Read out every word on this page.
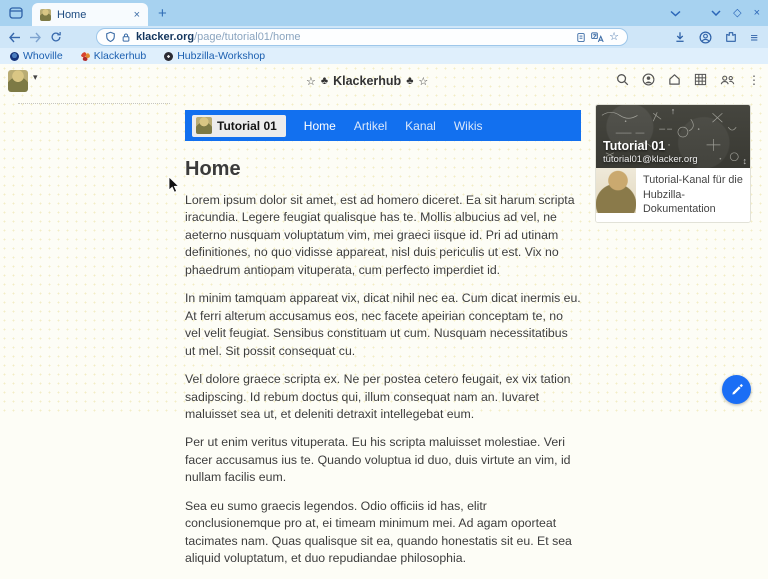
Home	× +	◇ ×
klacker.org/page/tutorial01/home	☆	≡
Whoville	Klackerhub	Hubzilla-Workshop
▾	☆ ♣ Klackerhub ♣ ☆	⋮
Tutorial 01 Home Artikel Kanal Wikis
Home

Lorem ipsum dolor sit amet, est ad homero diceret. Ea sit harum scripta iracundia. Legere feugiat qualisque has te. Mollis albucius ad vel, ne aeterno nusquam voluptatum vim, mei graeci iisque id. Pri ad utinam definitiones, no quo vidisse appareat, nisl duis periculis ut est. Vix no phaedrum antiopam vituperata, cum perfecto imperdiet id.

In minim tamquam appareat vix, dicat nihil nec ea. Cum dicat inermis eu. At ferri alterum accusamus eos, nec facete apeirian conceptam te, no vel velit feugiat. Sensibus constituam ut cum. Nusquam necessitatibus ut mel. Sit possit consequat cu.

Vel dolore graece scripta ex. Ne per postea cetero feugait, ex vix tation sadipscing. Id rebum doctus qui, illum consequat nam an. Iuvaret maluisset sea ut, et deleniti detraxit intellegebat eum.

Per ut enim veritus vituperata. Eu his scripta maluisset molestiae. Veri facer accusamus ius te. Quando voluptua id duo, duis virtute an vim, id nullam facilis eum.

Sea eu sumo graecis legendos. Odio officiis id has, elitr conclusionemque pro at, ei timeam minimum mei. Ad agam oporteat tacimates nam. Quas qualisque sit ea, quando honestatis sit eu. Et sea aliquid voluptatum, et duo repudiandae philosophia.

↑
Tutorial 01
tutorial01@klacker.org	↕
Tutorial-Kanal für die Hubzilla-Dokumentation
